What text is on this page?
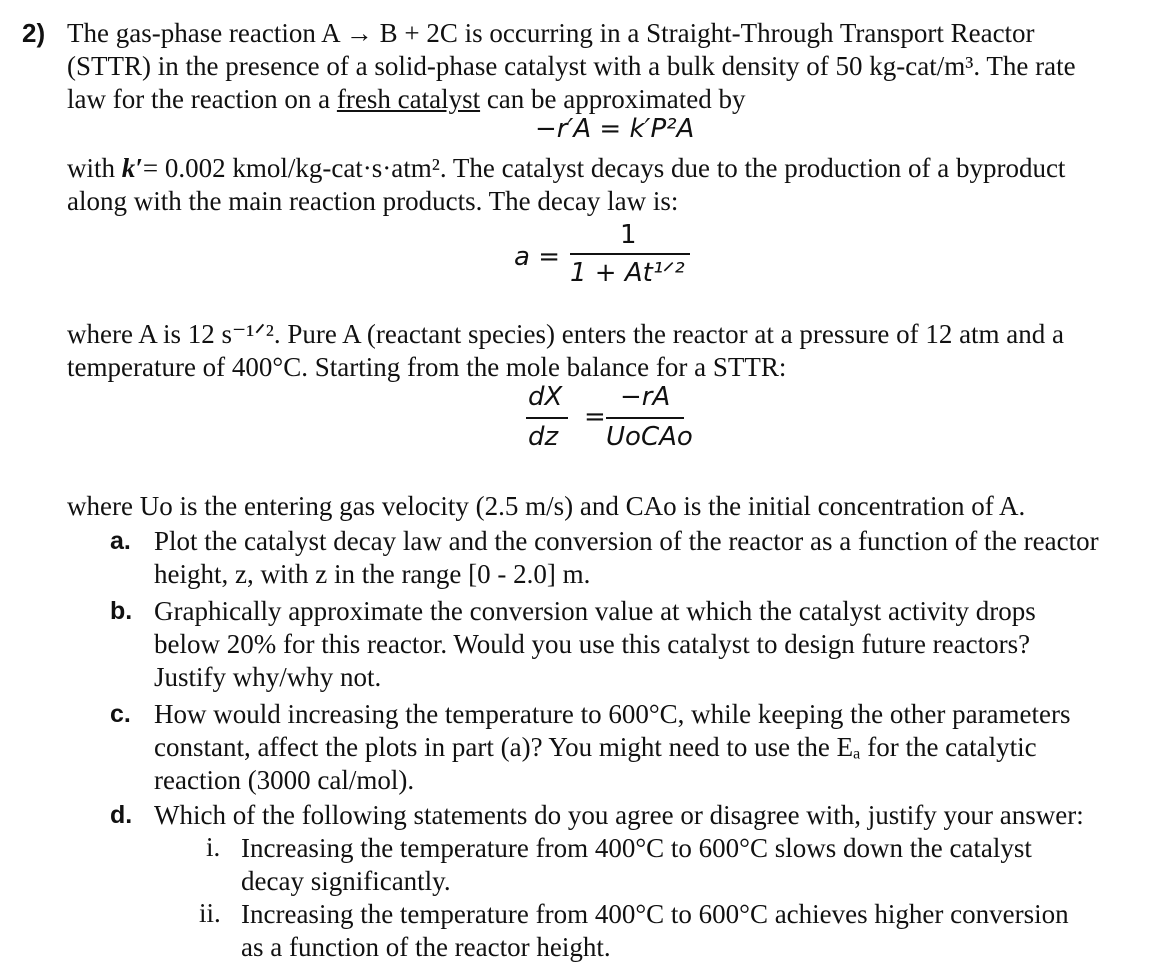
2) The gas-phase reaction A → B + 2C is occurring in a Straight-Through Transport Reactor
(STTR) in the presence of a solid-phase catalyst with a bulk density of 50 kg-cat/m³. The rate
law for the reaction on a fresh catalyst can be approximated by
−r′A = k′P²A
with k′= 0.002 kmol/kg-cat·s·atm². The catalyst decays due to the production of a byproduct
along with the main reaction products. The decay law is:
a =
1
1 + At¹ᐟ²
where A is 12 s⁻¹ᐟ². Pure A (reactant species) enters the reactor at a pressure of 12 atm and a
temperature of 400°C. Starting from the mole balance for a STTR:
dX
dz
=
−rA
UoCAo
where Uo is the entering gas velocity (2.5 m/s) and CAo is the initial concentration of A.
a. Plot the catalyst decay law and the conversion of the reactor as a function of the reactor
height, z, with z in the range [0 - 2.0] m.
b. Graphically approximate the conversion value at which the catalyst activity drops
below 20% for this reactor. Would you use this catalyst to design future reactors?
Justify why/why not.
c. How would increasing the temperature to 600°C, while keeping the other parameters
constant, affect the plots in part (a)? You might need to use the Eₐ for the catalytic
reaction (3000 cal/mol).
d. Which of the following statements do you agree or disagree with, justify your answer:
i. Increasing the temperature from 400°C to 600°C slows down the catalyst
decay significantly.
ii. Increasing the temperature from 400°C to 600°C achieves higher conversion
as a function of the reactor height.
